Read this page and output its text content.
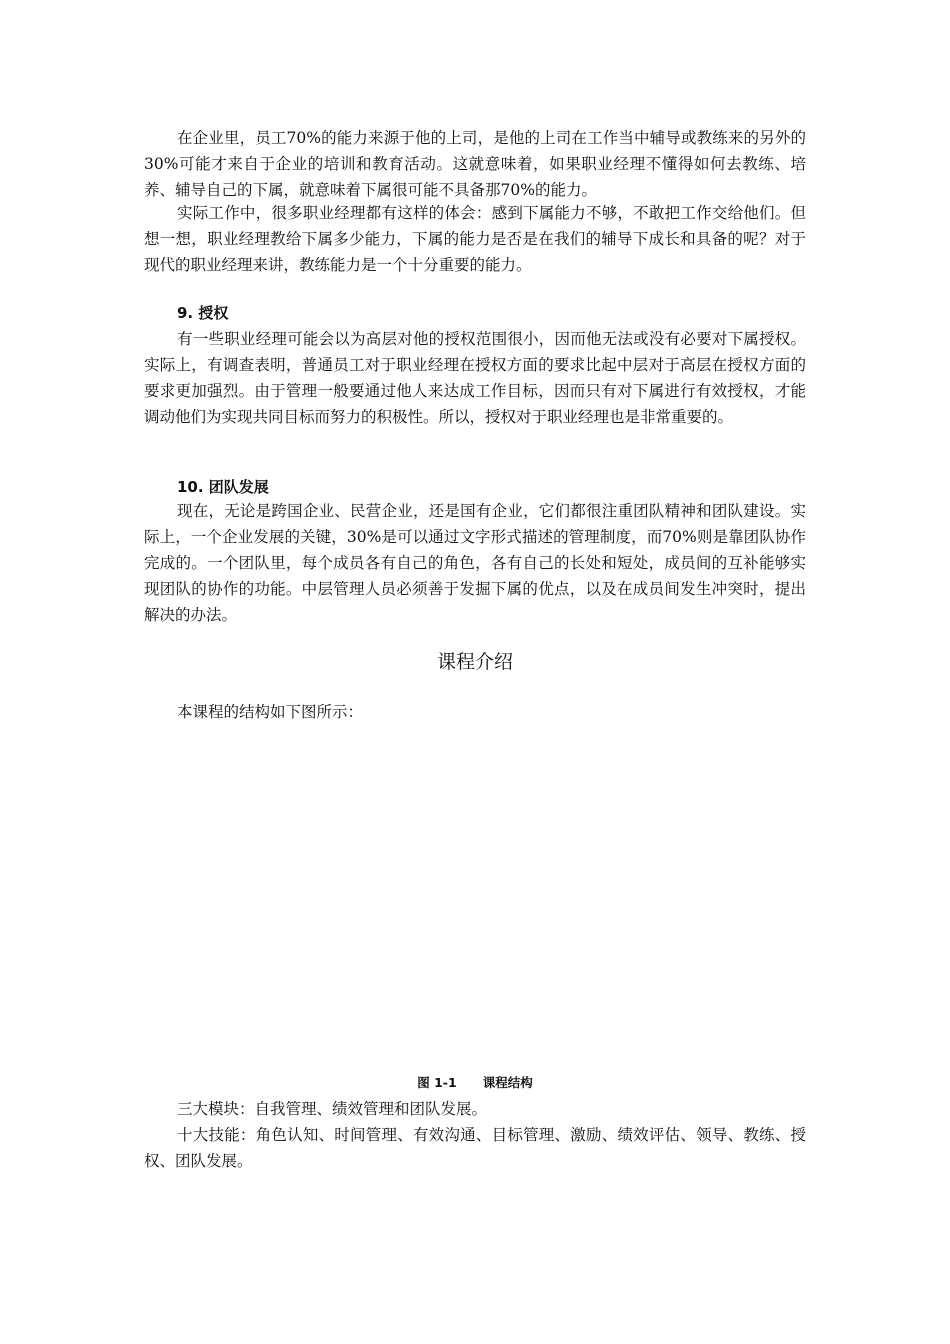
在企业里，员工70%的能力来源于他的上司，是他的上司在工作当中辅导或教练来的另外的30%可能才来自于企业的培训和教育活动。这就意味着，如果职业经理不懂得如何去教练、培养、辅导自己的下属，就意味着下属很可能不具备那70%的能力。

实际工作中，很多职业经理都有这样的体会：感到下属能力不够，不敢把工作交给他们。但想一想，职业经理教给下属多少能力，下属的能力是否是在我们的辅导下成长和具备的呢？对于现代的职业经理来讲，教练能力是一个十分重要的能力。

9. 授权

有一些职业经理可能会以为高层对他的授权范围很小，因而他无法或没有必要对下属授权。实际上，有调查表明，普通员工对于职业经理在授权方面的要求比起中层对于高层在授权方面的要求更加强烈。由于管理一般要通过他人来达成工作目标，因而只有对下属进行有效授权，才能调动他们为实现共同目标而努力的积极性。所以，授权对于职业经理也是非常重要的。

10. 团队发展

现在，无论是跨国企业、民营企业，还是国有企业，它们都很注重团队精神和团队建设。实际上，一个企业发展的关键，30%是可以通过文字形式描述的管理制度，而70%则是靠团队协作完成的。一个团队里，每个成员各有自己的角色，各有自己的长处和短处，成员间的互补能够实现团队的协作的功能。中层管理人员必须善于发掘下属的优点，以及在成员间发生冲突时，提出解决的办法。

课程介绍

本课程的结构如下图所示：

图 1-1      课程结构

三大模块：自我管理、绩效管理和团队发展。

十大技能：角色认知、时间管理、有效沟通、目标管理、激励、绩效评估、领导、教练、授权、团队发展。
